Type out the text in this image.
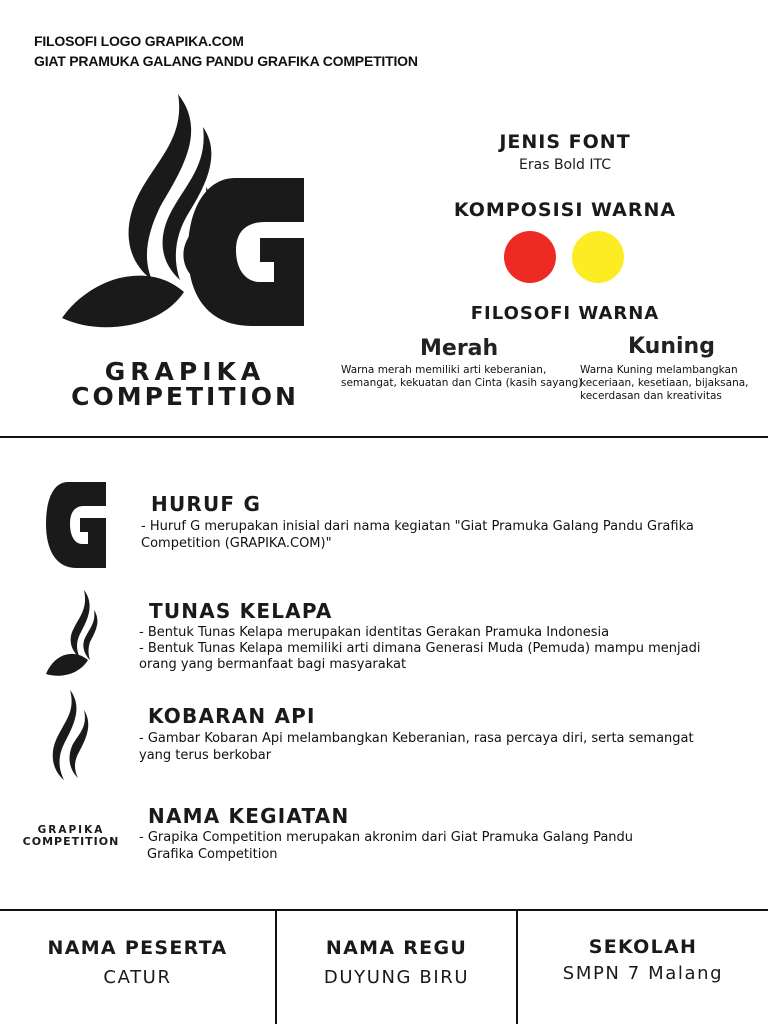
FILOSOFI LOGO GRAPIKA.COM
GIAT PRAMUKA GALANG PANDU GRAFIKA COMPETITION
GRAPIKA
COMPETITION
JENIS FONT
Eras Bold ITC
KOMPOSISI WARNA
FILOSOFI WARNA
Merah	Kuning
Warna merah memiliki arti keberanian,
semangat, kekuatan dan Cinta (kasih sayang)
Warna Kuning melambangkan
keceriaan, kesetiaan, bijaksana,
kecerdasan dan kreativitas
HURUF G
- Huruf G merupakan inisial dari nama kegiatan "Giat Pramuka Galang Pandu Grafika
Competition (GRAPIKA.COM)"
TUNAS KELAPA
- Bentuk Tunas Kelapa merupakan identitas Gerakan Pramuka Indonesia
- Bentuk Tunas Kelapa memiliki arti dimana Generasi Muda (Pemuda) mampu menjadi
orang yang bermanfaat bagi masyarakat
KOBARAN API
- Gambar Kobaran Api melambangkan Keberanian, rasa percaya diri, serta semangat
yang terus berkobar
GRAPIKA
COMPETITION
NAMA KEGIATAN
- Grapika Competition merupakan akronim dari Giat Pramuka Galang Pandu
Grafika Competition
NAMA PESERTA
CATUR
NAMA REGU
DUYUNG BIRU
SEKOLAH
SMPN 7 Malang
